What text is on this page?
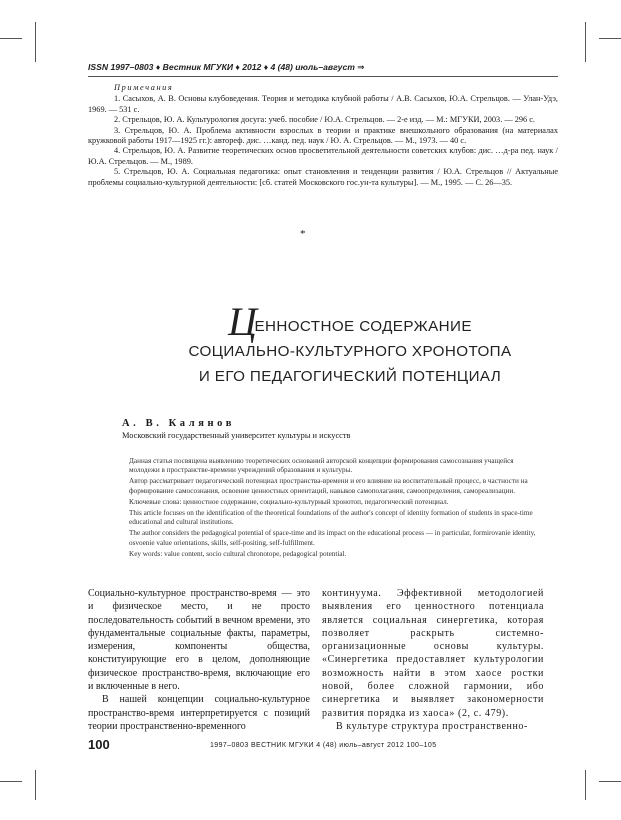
ISSN 1997–0803 ♦ Вестник МГУКИ ♦ 2012 ♦ 4 (48) июль–август ⇒
Примечания
1. Сасыхов, А. В. Основы клубоведения. Теория и методика клубной работы / А.В. Сасыхов, Ю.А. Стрельцов. — Улан-Удэ, 1969. — 531 с.
2. Стрельцов, Ю. А. Культурология досуга: учеб. пособие / Ю.А. Стрельцов. — 2-е изд. — М.: МГУКИ, 2003. — 296 с.
3. Стрельцов, Ю. А. Проблема активности взрослых в теории и практике внешкольного образования (на материалах кружковой работы 1917—1925 гг.): автореф. дис. …канд. пед. наук / Ю. А. Стрельцов. — М., 1973. — 40 с.
4. Стрельцов, Ю. А. Развитие теоретических основ просветительной деятельности советских клубов: дис. …д-ра пед. наук / Ю.А. Стрельцов. — М., 1989.
5. Стрельцов, Ю. А. Социальная педагогика: опыт становления и тенденции развития / Ю.А. Стрельцов // Актуальные проблемы социально-культурной деятельности: [сб. статей Московского гос.ун-та культуры]. — М., 1995. — С. 26—35.
*
ЦЕННОСТНОЕ СОДЕРЖАНИЕ
СОЦИАЛЬНО-КУЛЬТУРНОГО ХРОНОТОПА
И ЕГО ПЕДАГОГИЧЕСКИЙ ПОТЕНЦИАЛ
А. В. Калянов
Московский государственный университет культуры и искусств

Данная статья посвящена выявлению теоретических оснований авторской концепции формирования самосознания учащейся молодежи в пространстве-времени учреждений образования и культуры.

Автор рассматривает педагогический потенциал пространства-времени и его влияние на воспитательный процесс, в частности на формирование самосознания, освоение ценностных ориентаций, навыков самополагания, самоопределения, самореализации.

Ключевые слова: ценностное содержание, социально-культурный хронотоп, педагогический потенциал.

This article focuses on the identification of the theoretical foundations of the author's concept of identity formation of students in space-time educational and cultural institutions.

The author considers the pedagogical potential of space-time and its impact on the educational process — in particular, formirovanie identity, osvoenie value orientations, skills, self-positing, self-fulfillment.

Key words: value content, socio cultural chronotope, pedagogical potential.

Социально-культурное пространство-время — это и физическое место, и не просто последовательность событий в вечном времени, это фундаментальные социальные факты, параметры, измерения, компоненты общества, конституирующие его в целом, дополняющие физическое пространство-время, включающие его и включенные в него.

В нашей концепции социально-культурное пространство-время интерпретируется с позиций теории пространственно-временного

континуума. Эффективной методологией выявления его ценностного потенциала является социальная синергетика, которая позволяет раскрыть системно-организационные основы культуры. «Синергетика предоставляет культурологии возможность найти в этом хаосе ростки новой, более сложной гармонии, ибо синергетика и выявляет закономерности развития порядка из хаоса» (2, с. 479).

В культуре структура пространственно-

100	1997–0803 ВЕСТНИК МГУКИ 4 (48) июль–август 2012 100–105
